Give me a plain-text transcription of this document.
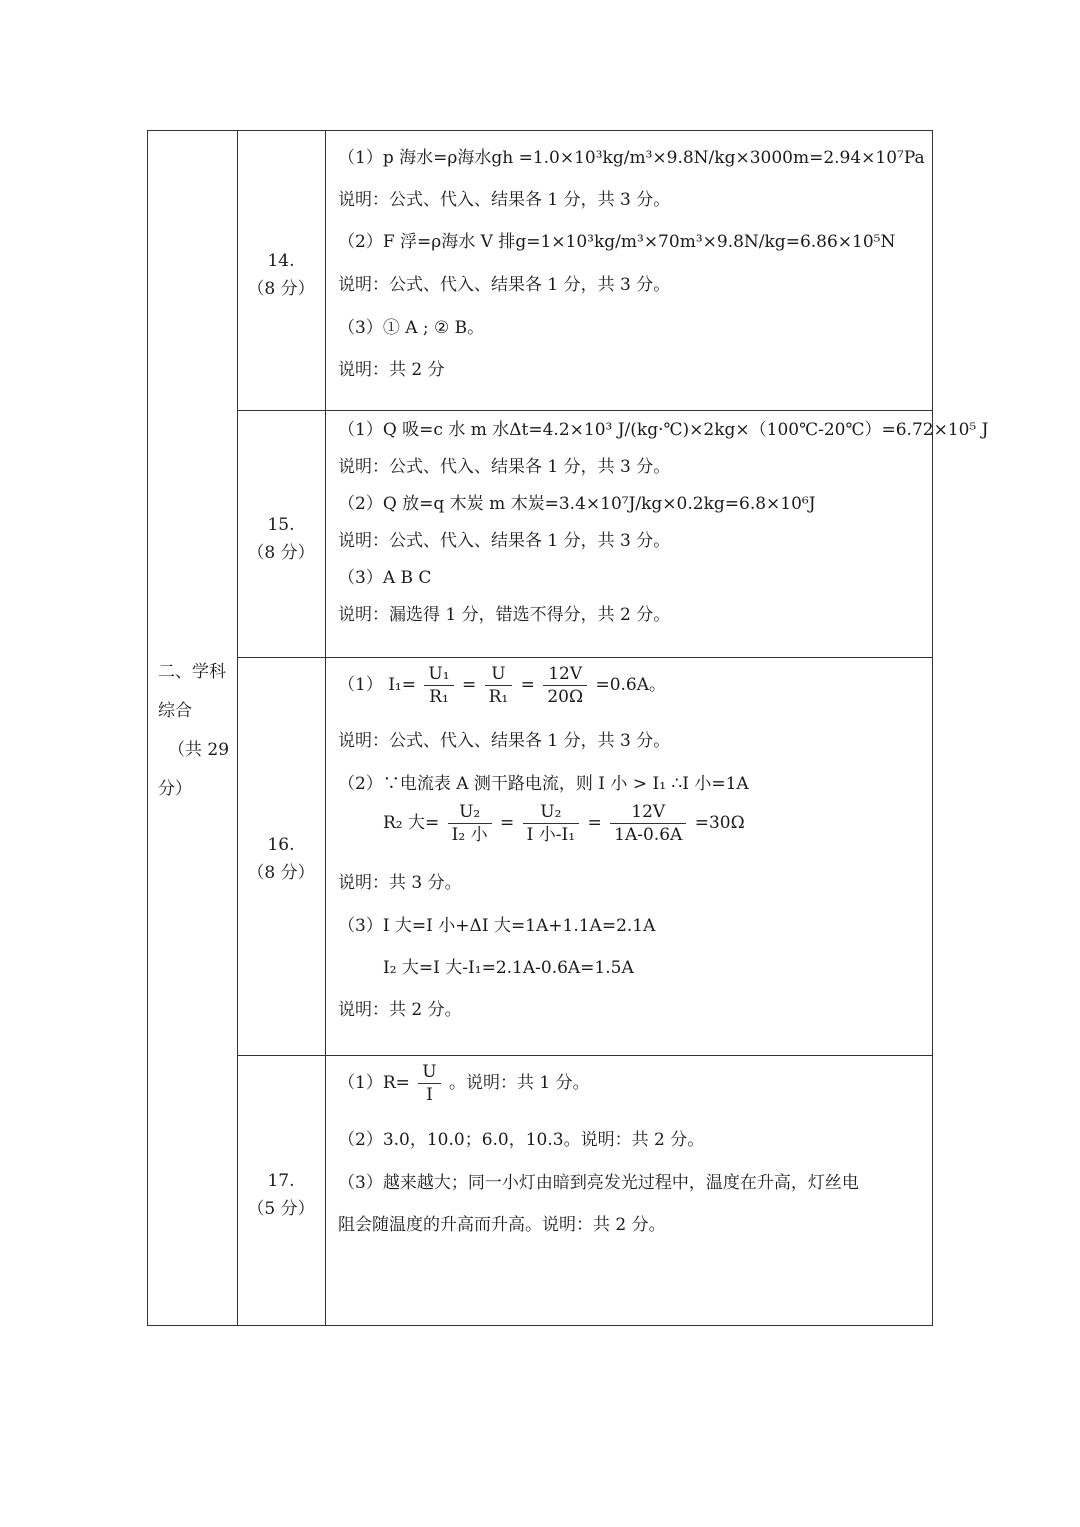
二、学科
综合
（共 29
分）
14.
（8 分）
（1）p 海水=ρ海水gh =1.0×10³kg/m³×9.8N/kg×3000m=2.94×10⁷Pa
说明：公式、代入、结果各 1 分，共 3 分。
（2）F 浮=ρ海水 V 排g=1×10³kg/m³×70m³×9.8N/kg=6.86×10⁵N
说明：公式、代入、结果各 1 分，共 3 分。
（3）① A ; ② B。
说明：共 2 分
15.
（8 分）
（1）Q 吸=c 水 m 水Δt=4.2×10³ J/(kg·℃)×2kg×（100℃-20℃）=6.72×10⁵ J
说明：公式、代入、结果各 1 分，共 3 分。
（2）Q 放=q 木炭 m 木炭=3.4×10⁷J/kg×0.2kg=6.8×10⁶J
说明：公式、代入、结果各 1 分，共 3 分。
（3）A B C
说明：漏选得 1 分，错选不得分，共 2 分。
16.
（8 分）
（1） $I_1= \frac{\text{U₁}}{\text{R₁}} = \frac{U}{\text{R₁}} = \frac{12V}{20\Omega} =0.6A$。
说明：公式、代入、结果各 1 分，共 3 分。
（2）∵电流表 A 测干路电流，则 I 小 > I₁ ∴I 小=1A
R₂ 大= $\frac{\text{U₂}}{\text{I₂ 小}} = \frac{\text{U₂}}{\text{I 小-I₁}} = \frac{12V}{1A-0.6A} =30\Omega$
说明：共 3 分。
（3）I 大=I 小+ΔI 大=1A+1.1A=2.1A
I₂ 大=I 大-I₁=2.1A-0.6A=1.5A
说明：共 2 分。
17.
（5 分）
$(1)R= \frac{U}{I}$ 。说明：共 1 分。
（2）3.0，10.0；6.0，10.3。说明：共 2 分。
（3）越来越大；同一小灯由暗到亮发光过程中，温度在升高，灯丝电
阻会随温度的升高而升高。说明：共 2 分。
